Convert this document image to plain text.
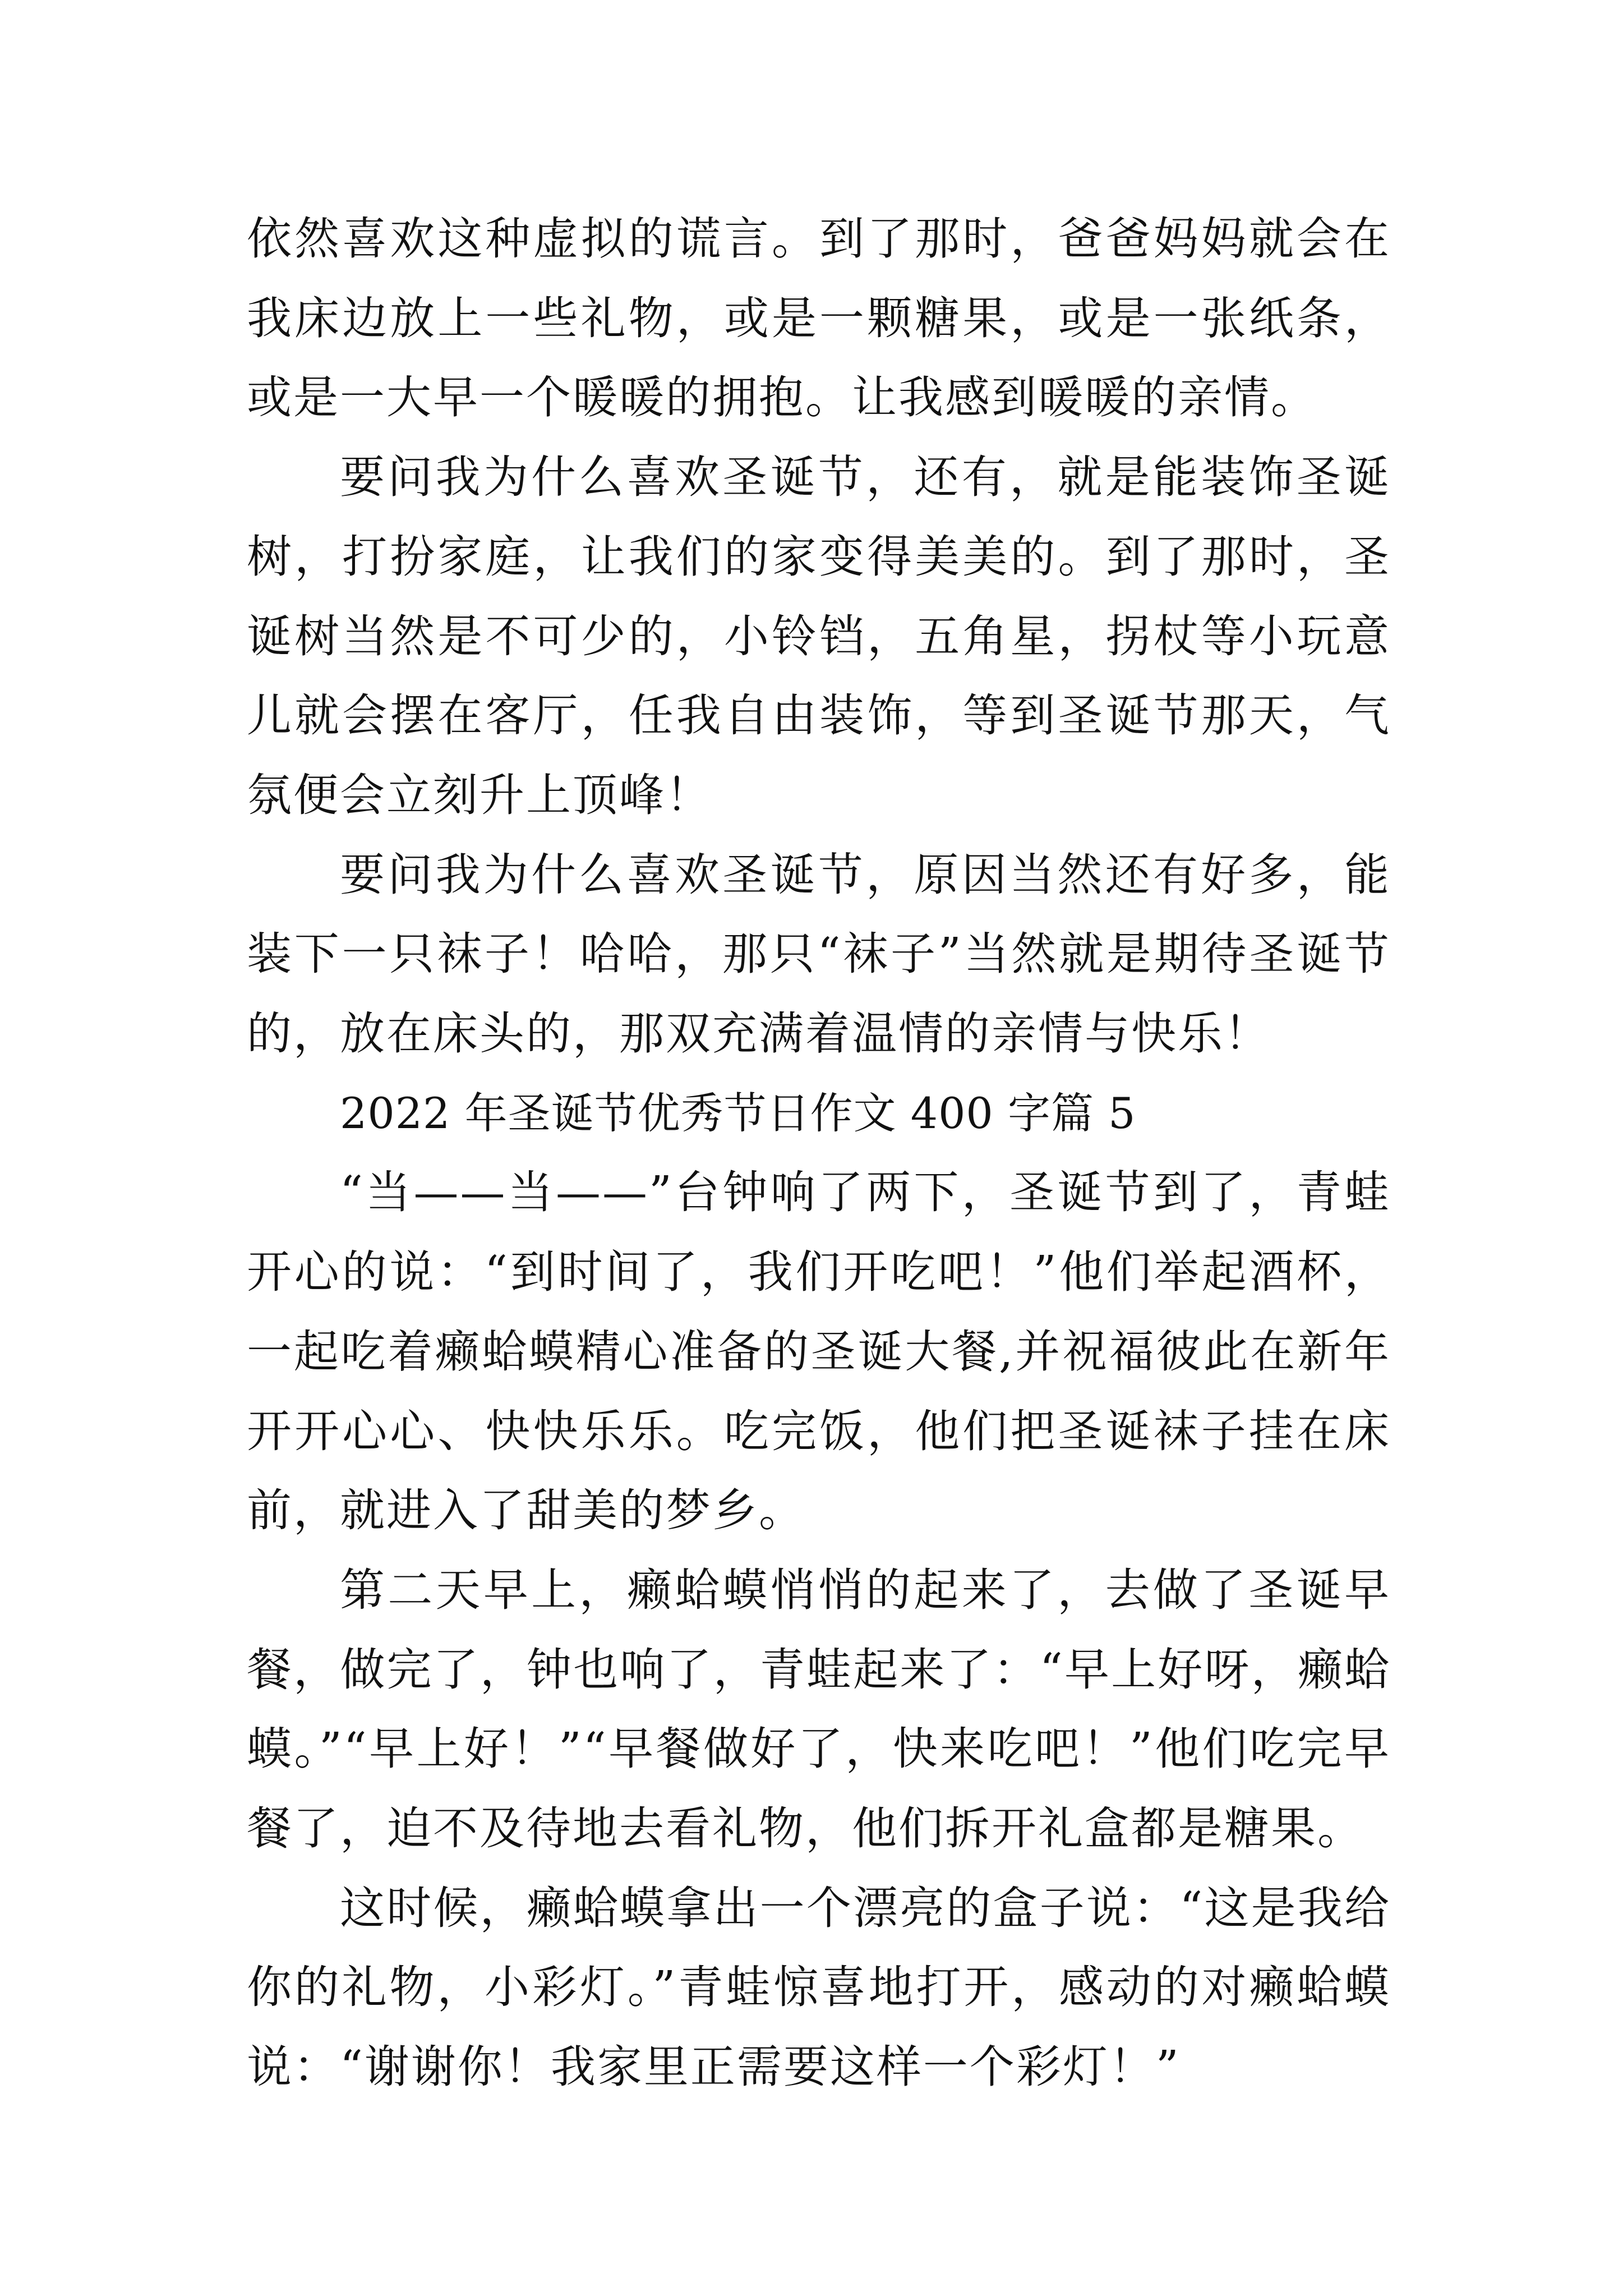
依然喜欢这种虚拟的谎言。到了那时，爸爸妈妈就会在我床边放上一些礼物，或是一颗糖果，或是一张纸条，或是一大早一个暖暖的拥抱。让我感到暖暖的亲情。

要问我为什么喜欢圣诞节，还有，就是能装饰圣诞树，打扮家庭，让我们的家变得美美的。到了那时，圣诞树当然是不可少的，小铃铛，五角星，拐杖等小玩意儿就会摆在客厅，任我自由装饰，等到圣诞节那天，气氛便会立刻升上顶峰！

要问我为什么喜欢圣诞节，原因当然还有好多，能装下一只袜子！哈哈，那只“袜子”当然就是期待圣诞节的，放在床头的，那双充满着温情的亲情与快乐！

2022 年圣诞节优秀节日作文 400 字篇 5

“当——当——”台钟响了两下，圣诞节到了，青蛙开心的说：“到时间了，我们开吃吧！”他们举起酒杯，一起吃着癞蛤蟆精心准备的圣诞大餐,并祝福彼此在新年开开心心、快快乐乐。吃完饭，他们把圣诞袜子挂在床前，就进入了甜美的梦乡。

第二天早上，癞蛤蟆悄悄的起来了，去做了圣诞早餐，做完了，钟也响了，青蛙起来了：“早上好呀，癞蛤蟆。”“早上好！”“早餐做好了，快来吃吧！”他们吃完早餐了，迫不及待地去看礼物，他们拆开礼盒都是糖果。

这时候，癞蛤蟆拿出一个漂亮的盒子说：“这是我给你的礼物，小彩灯。”青蛙惊喜地打开，感动的对癞蛤蟆说：“谢谢你！我家里正需要这样一个彩灯！”
